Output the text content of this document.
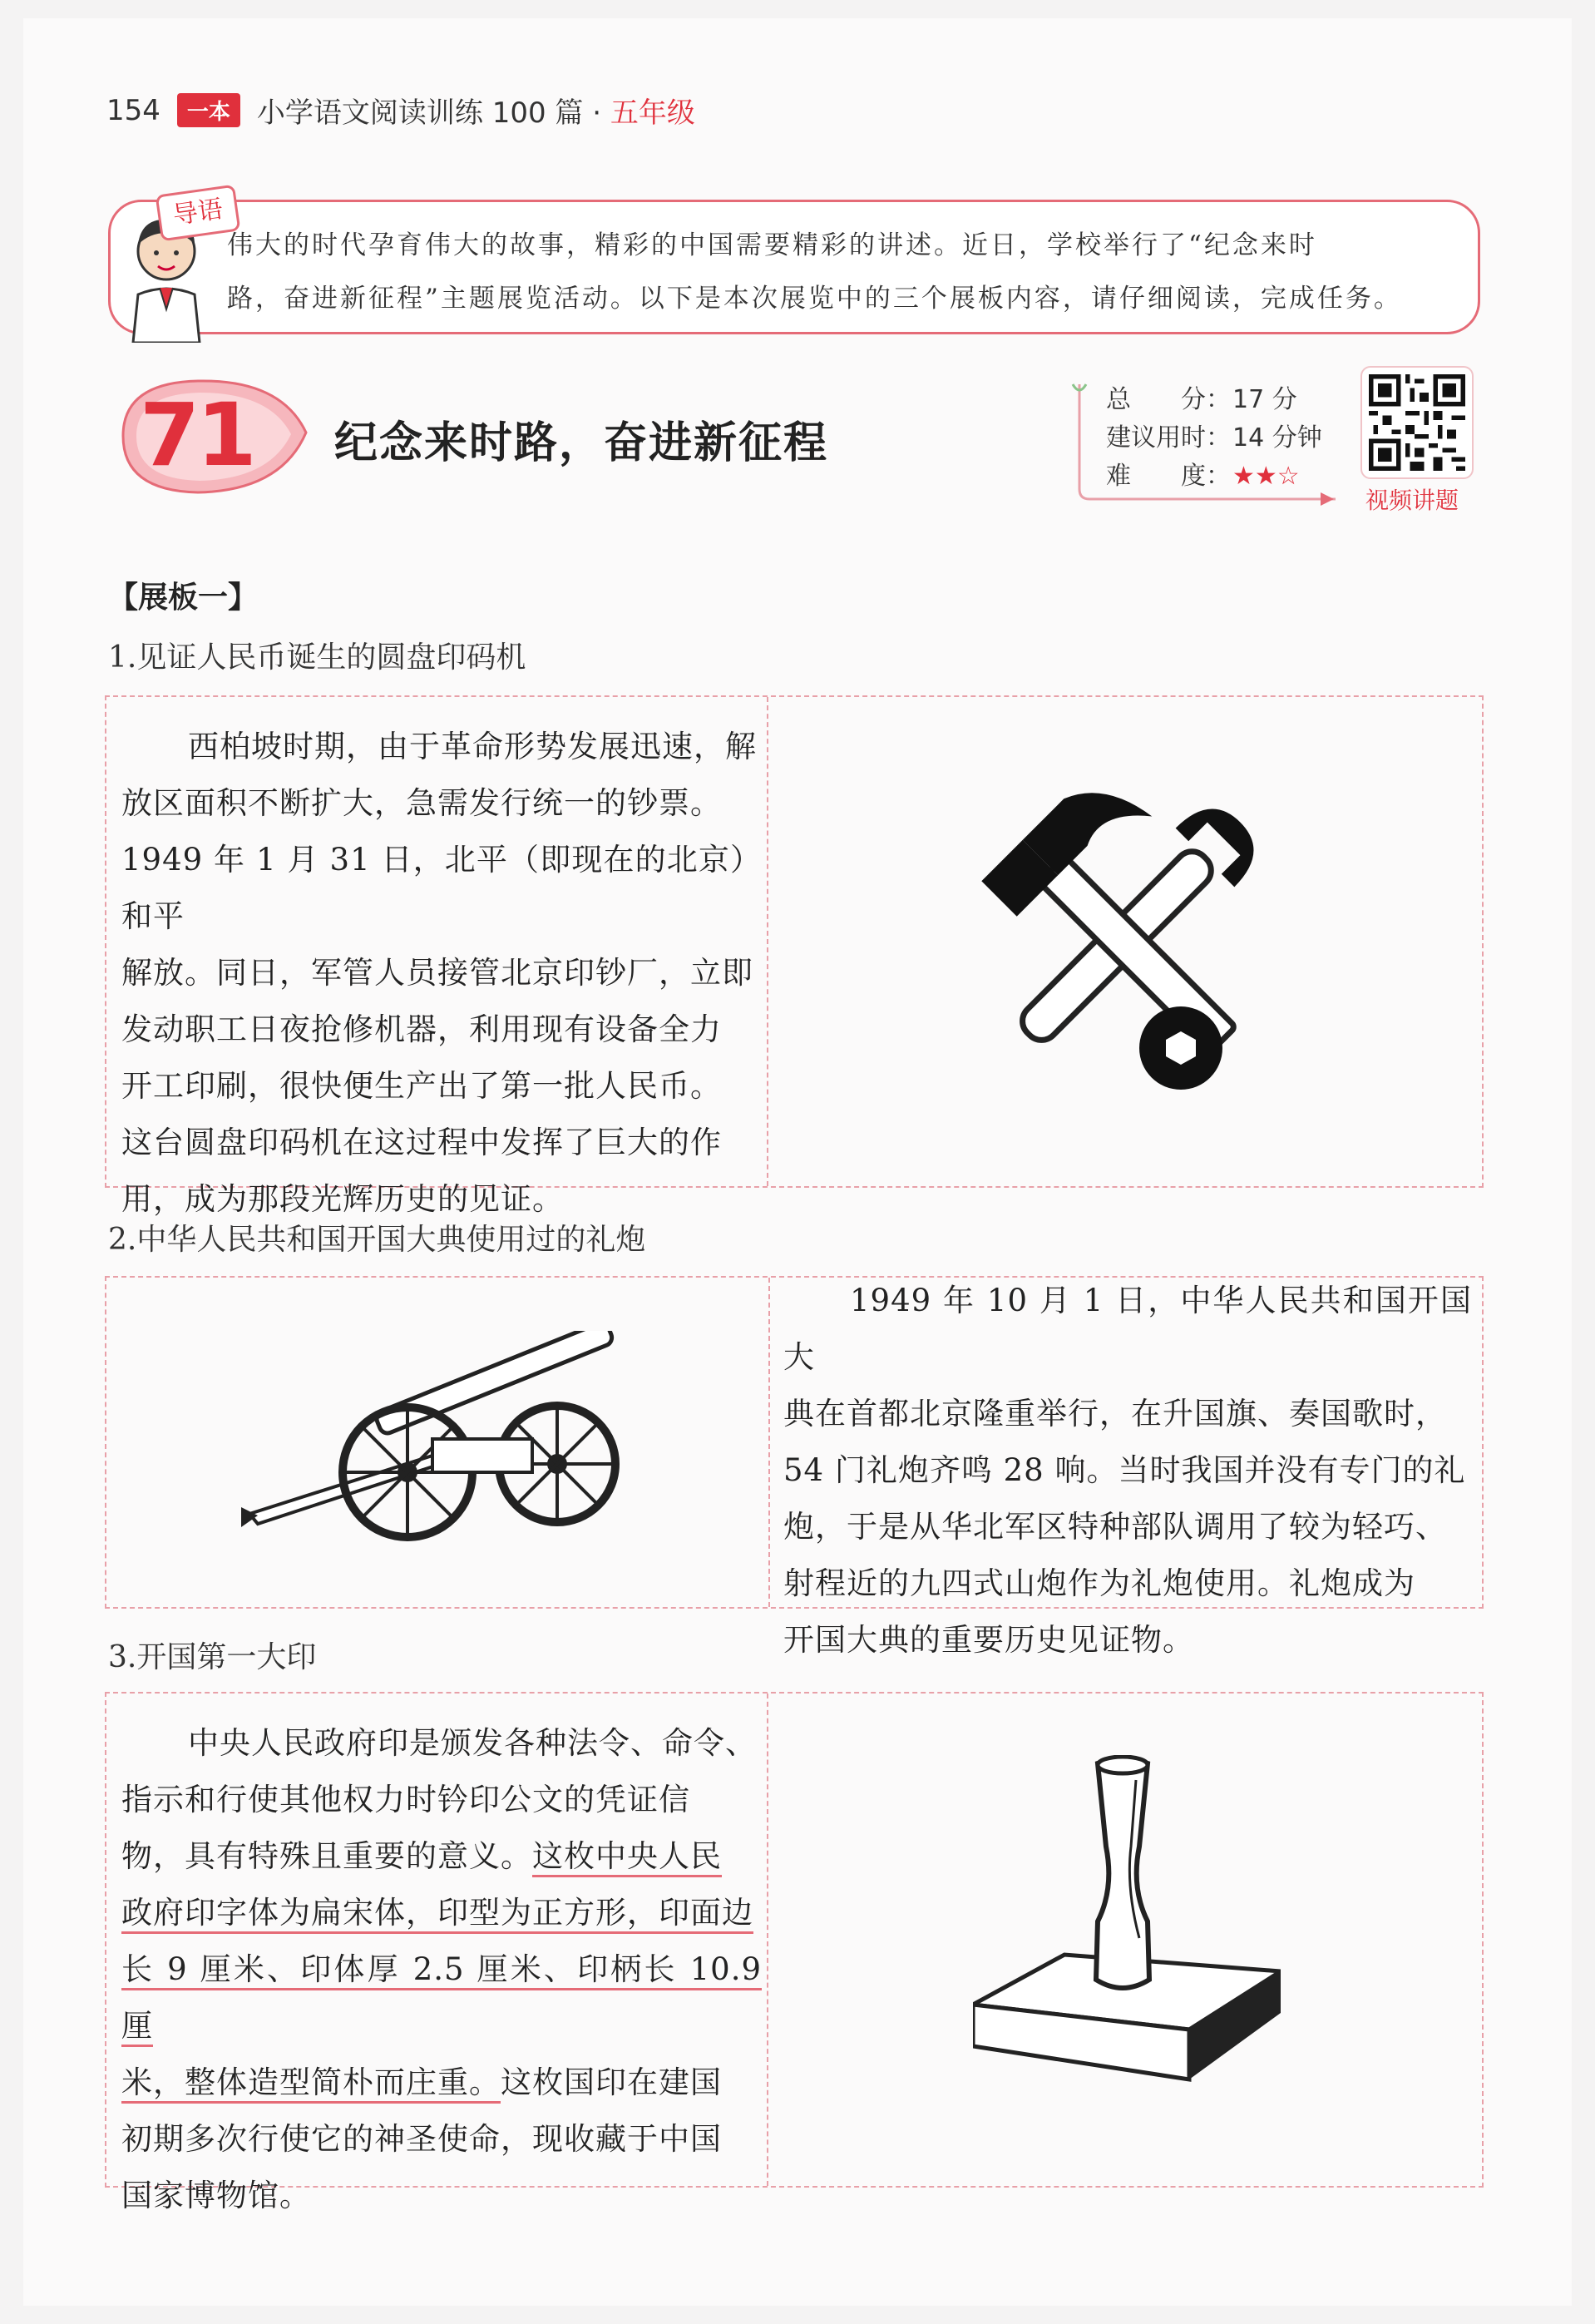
154	一本 小学语文阅读训练 100 篇 · 五年级
伟大的时代孕育伟大的故事，精彩的中国需要精彩的讲述。近日，学校举行了“纪念来时
路，奋进新征程”主题展览活动。以下是本次展览中的三个展板内容，请仔细阅读，完成任务。
导语
71 纪念来时路，奋进新征程
总　　分：17 分
建议用时：14 分钟
难　　度：★★☆
视频讲题
【展板一】
1.见证人民币诞生的圆盘印码机
西柏坡时期，由于革命形势发展迅速，解
放区面积不断扩大，急需发行统一的钞票。
1949 年 1 月 31 日，北平（即现在的北京）和平
解放。同日，军管人员接管北京印钞厂，立即
发动职工日夜抢修机器，利用现有设备全力
开工印刷，很快便生产出了第一批人民币。
这台圆盘印码机在这过程中发挥了巨大的作
用，成为那段光辉历史的见证。
2.中华人民共和国开国大典使用过的礼炮
1949 年 10 月 1 日，中华人民共和国开国大
典在首都北京隆重举行，在升国旗、奏国歌时，
54 门礼炮齐鸣 28 响。当时我国并没有专门的礼
炮，于是从华北军区特种部队调用了较为轻巧、
射程近的九四式山炮作为礼炮使用。礼炮成为
开国大典的重要历史见证物。
3.开国第一大印
中央人民政府印是颁发各种法令、命令、
指示和行使其他权力时钤印公文的凭证信
物，具有特殊且重要的意义。这枚中央人民
政府印字体为扁宋体，印型为正方形，印面边
长 9 厘米、印体厚 2.5 厘米、印柄长 10.9 厘
米，整体造型简朴而庄重。这枚国印在建国
初期多次行使它的神圣使命，现收藏于中国
国家博物馆。
